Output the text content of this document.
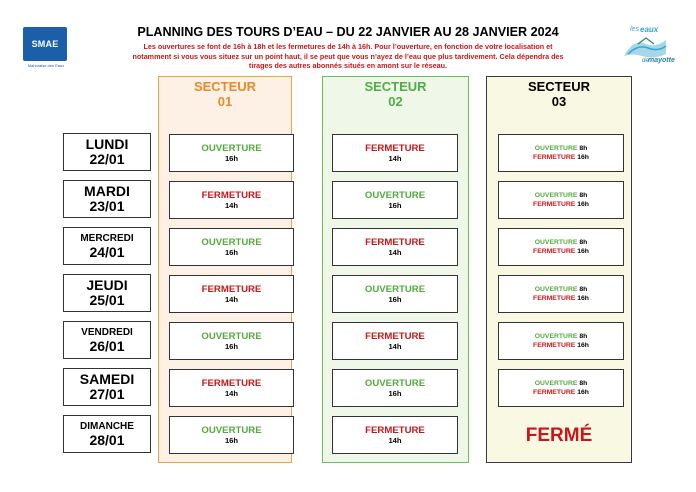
SMAE
Mahoraise des Eaux
les eaux
de mayotte
PLANNING DES TOURS D’EAU – DU 22 JANVIER AU 28 JANVIER 2024
Les ouvertures se font de 16h à 18h et les fermetures de 14h à 16h. Pour l’ouverture, en fonction de votre localisation et
notamment si vous vous situez sur un point haut, il se peut que vous n’ayez de l’eau que plus tardivement. Cela dépendra des
tirages des autres abonnés situés en amont sur le réseau.
SECTEUR
01
SECTEUR
02
SECTEUR
03
LUNDI
22/01
MARDI
23/01
MERCREDI
24/01
JEUDI
25/01
VENDREDI
26/01
SAMEDI
27/01
DIMANCHE
28/01
OUVERTURE
16h
FERMETURE
14h
OUVERTURE
16h
FERMETURE
14h
OUVERTURE
16h
FERMETURE
14h
OUVERTURE
16h
FERMETURE
14h
OUVERTURE
16h
FERMETURE
14h
OUVERTURE
16h
FERMETURE
14h
OUVERTURE
16h
FERMETURE
14h
OUVERTURE 8h
FERMETURE 16h
OUVERTURE 8h
FERMETURE 16h
OUVERTURE 8h
FERMETURE 16h
OUVERTURE 8h
FERMETURE 16h
OUVERTURE 8h
FERMETURE 16h
OUVERTURE 8h
FERMETURE 16h
FERMÉ
